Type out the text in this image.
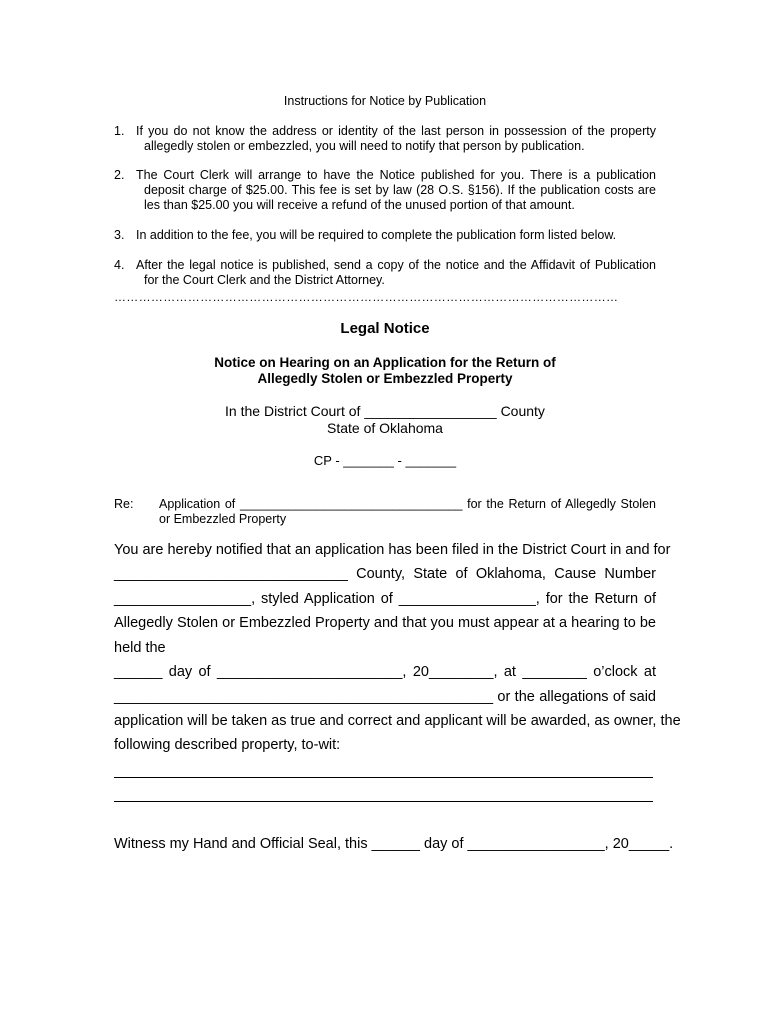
Instructions for Notice by Publication
1. If you do not know the address or identity of the last person in possession of the property
allegedly stolen or embezzled, you will need to notify that person by publication.
2. The Court Clerk will arrange to have the Notice published for you. There is a publication
deposit charge of $25.00. This fee is set by law (28 O.S. §156). If the publication costs are
les than $25.00 you will receive a refund of the unused portion of that amount.
3. In addition to the fee, you will be required to complete the publication form listed below.
4. After the legal notice is published, send a copy of the notice and the Affidavit of Publication
for the Court Clerk and the District Attorney.
……………………………………………………………………………………………………………
Legal Notice
Notice on Hearing on an Application for the Return of
Allegedly Stolen or Embezzled Property
In the District Court of _________________ County
State of Oklahoma
CP - _______ - _______
Re: Application of ________________________________ for the Return of Allegedly Stolen
or Embezzled Property
You are hereby notified that an application has been filed in the District Court in and for
_____________________________ County, State of Oklahoma, Cause Number
_________________, styled Application of _________________, for the Return of
Allegedly Stolen or Embezzled Property and that you must appear at a hearing to be
held the
______ day of _______________________, 20________, at ________ o’clock at
_______________________________________________ or the allegations of said
application will be taken as true and correct and applicant will be awarded, as owner, the
following described property, to-wit:
Witness my Hand and Official Seal, this ______ day of _________________, 20_____.
